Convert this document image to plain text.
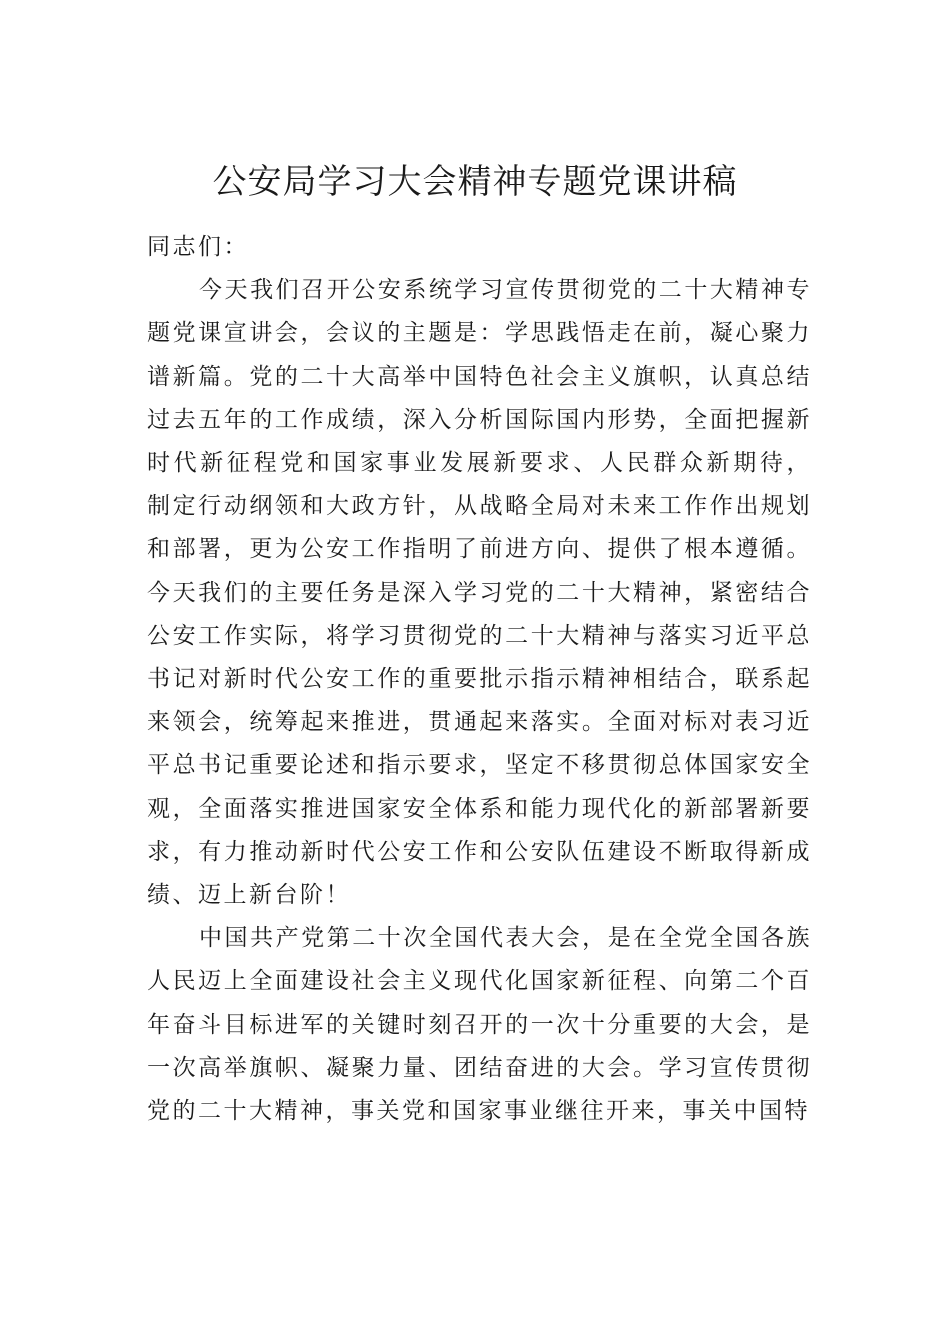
公安局学习大会精神专题党课讲稿

同志们：

今天我们召开公安系统学习宣传贯彻党的二十大精神专题党课宣讲会，会议的主题是：学思践悟走在前，凝心聚力谱新篇。党的二十大高举中国特色社会主义旗帜，认真总结过去五年的工作成绩，深入分析国际国内形势，全面把握新时代新征程党和国家事业发展新要求、人民群众新期待， 制定行动纲领和大政方针，从战略全局对未来工作作出规划和部署，更为公安工作指明了前进方向、提供了根本遵循。 今天我们的主要任务是深入学习党的二十大精神，紧密结合公安工作实际，将学习贯彻党的二十大精神与落实习近平总书记对新时代公安工作的重要批示指示精神相结合，联系起来领会，统筹起来推进，贯通起来落实。全面对标对表习近平总书记重要论述和指示要求，坚定不移贯彻总体国家安全观，全面落实推进国家安全体系和能力现代化的新部署新要求，有力推动新时代公安工作和公安队伍建设不断取得新成绩、迈上新台阶！

中国共产党第二十次全国代表大会，是在全党全国各族人民迈上全面建设社会主义现代化国家新征程、向第二个百年奋斗目标进军的关键时刻召开的一次十分重要的大会，是一次高举旗帜、凝聚力量、团结奋进的大会。学习宣传贯彻党的二十大精神，事关党和国家事业继往开来，事关中国特
